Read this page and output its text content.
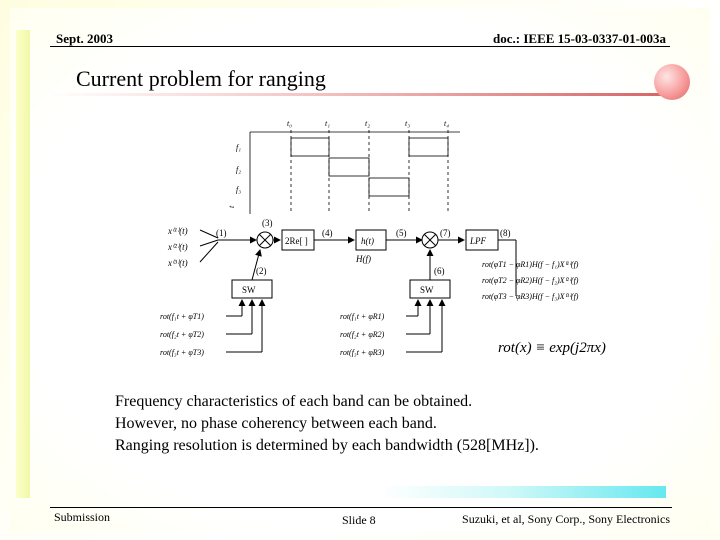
Sept. 2003	doc.: IEEE 15-03-0337-01-003a
Current problem for ranging
t₀	t₁	t₂	t₃	t₄
f₁
f₂
f₃
t
x⁽¹⁾(t)
x⁽²⁾(t)
x⁽³⁾(t)
2Re[ ]	h(t)
H(f)
LPF
SW	SW
(1)
(2)
(3)
(4)	(5)
(6)
(7)	(8)
rot(f₁t + φT1)
rot(f₂t + φT2)
rot(f₃t + φT3)
rot(f₁t + φR1)
rot(f₂t + φR2)
rot(f₃t + φR3)
rot(φT1 − φR1)H(f − f₁)X⁽¹⁾(f)
rot(φT2 − φR2)H(f − f₂)X⁽²⁾(f)
rot(φT3 − φR3)H(f − f₃)X⁽³⁾(f)
rot(x) ≡ exp(j2πx)
Frequency characteristics of each band can be obtained.
However, no phase coherency between each band.
Ranging resolution is determined by each bandwidth (528[MHz]).
Submission	Slide 8	Suzuki, et al, Sony Corp., Sony Electronics
